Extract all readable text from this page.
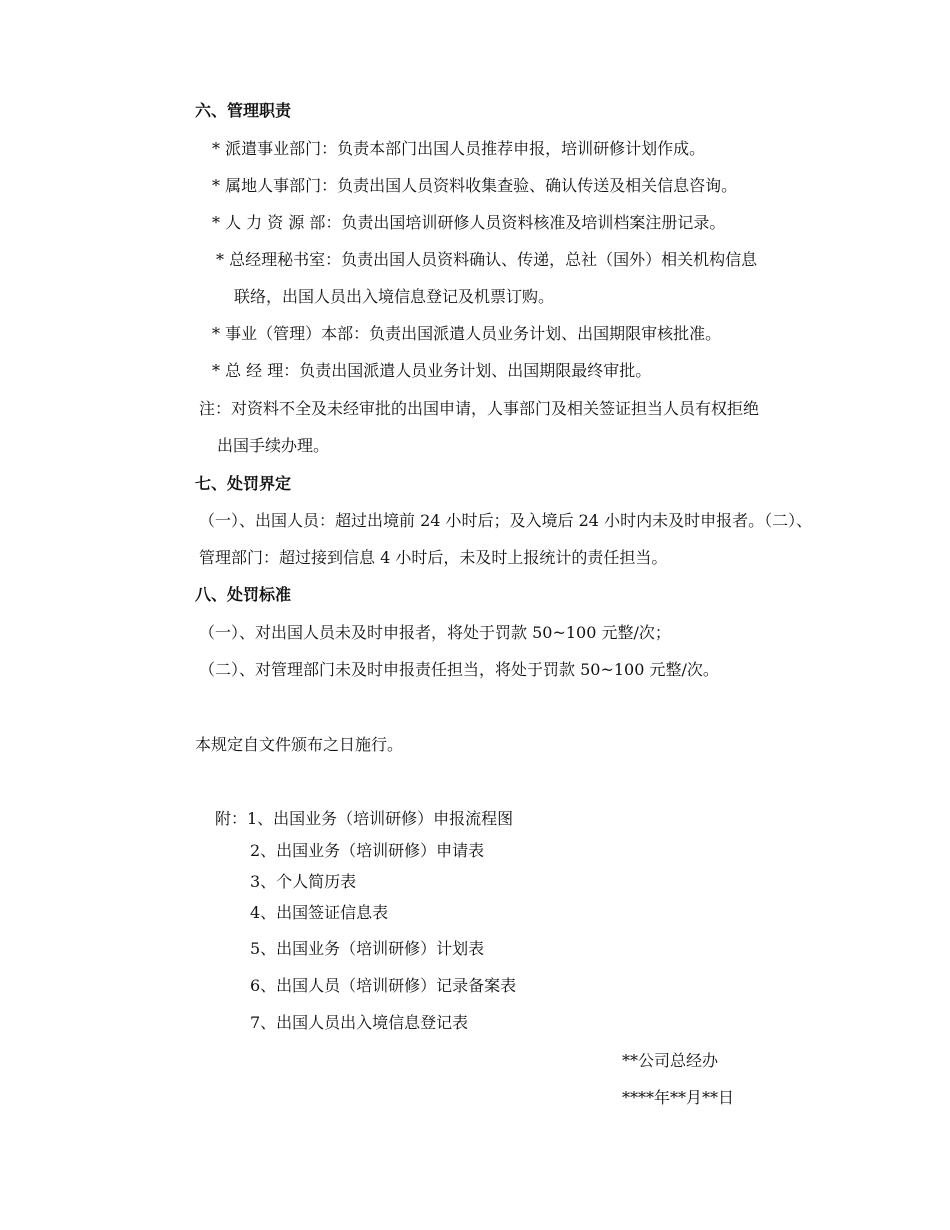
六、管理职责
* 派遣事业部门：负责本部门出国人员推荐申报，培训研修计划作成。
* 属地人事部门：负责出国人员资料收集查验、确认传送及相关信息咨询。
* 人 力 资 源 部：负责出国培训研修人员资料核准及培训档案注册记录。
* 总经理秘书室：负责出国人员资料确认、传递，总社（国外）相关机构信息
联络，出国人员出入境信息登记及机票订购。
* 事业（管理）本部：负责出国派遣人员业务计划、出国期限审核批准。
* 总 经 理：负责出国派遣人员业务计划、出国期限最终审批。
注：对资料不全及未经审批的出国申请，人事部门及相关签证担当人员有权拒绝
出国手续办理。
七、处罚界定
（一）、出国人员：超过出境前 24 小时后；及入境后 24 小时内未及时申报者。（二）、
管理部门：超过接到信息 4 小时后，未及时上报统计的责任担当。
八、处罚标准
（一）、对出国人员未及时申报者，将处于罚款 50~100 元整/次；
（二）、对管理部门未及时申报责任担当，将处于罚款 50~100 元整/次。
本规定自文件颁布之日施行。
附：1、出国业务（培训研修）申报流程图
2、出国业务（培训研修）申请表
3、个人简历表
4、出国签证信息表
5、出国业务（培训研修）计划表
6、出国人员（培训研修）记录备案表
7、出国人员出入境信息登记表
**公司总经办
****年**月**日
